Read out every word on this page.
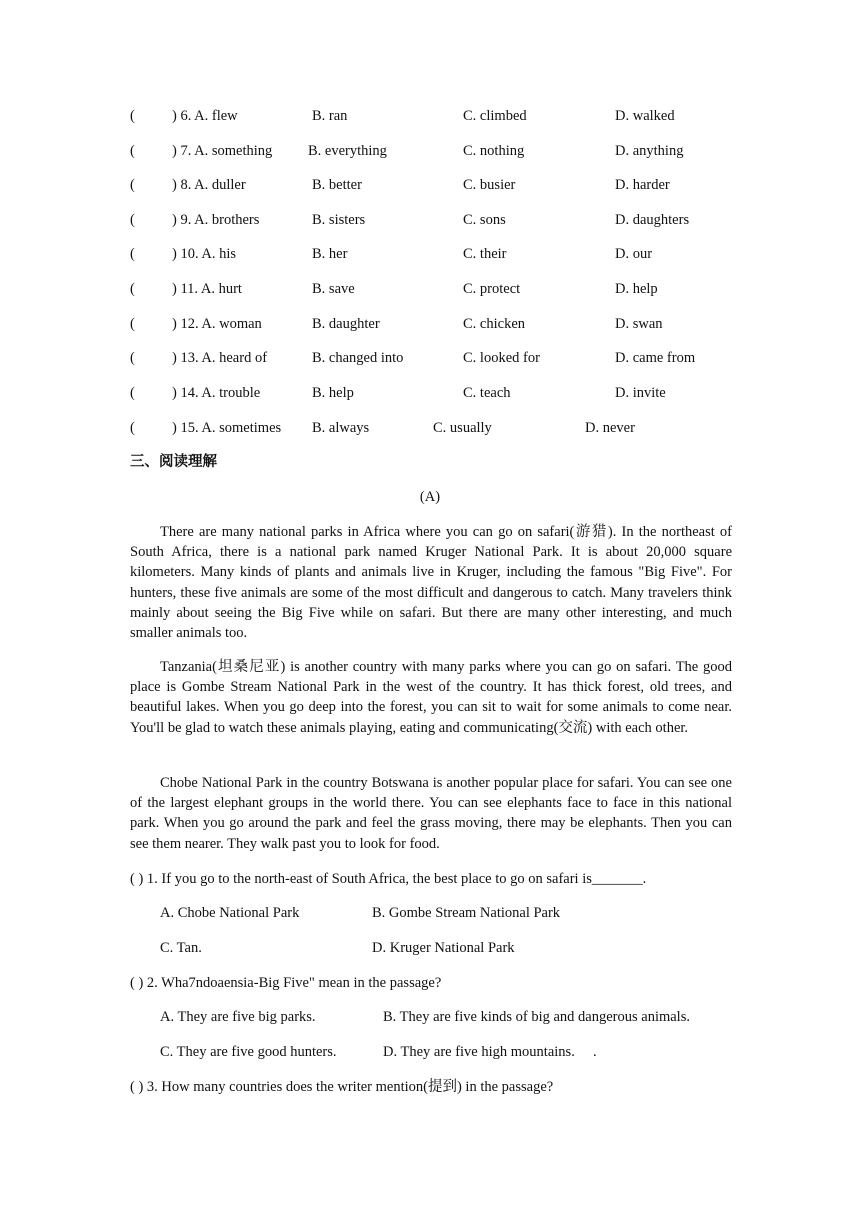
(	) 6. A. flew	B. ran	C. climbed	D. walked
(	) 7. A. something B. everything	C. nothing	D. anything
(	) 8. A. duller	B. better	C. busier	D. harder
(	) 9. A. brothers	B. sisters	C. sons	D. daughters
(	) 10. A. his	B. her	C. their	D. our
(	) 11. A. hurt	B. save	C. protect	D. help
(	) 12. A. woman	B. daughter	C. chicken	D. swan
(	) 13. A. heard of	B. changed into	C. looked for	D. came from
(	) 14. A. trouble	B. help	C. teach	D. invite
(	) 15. A. sometimes B. always	C. usually	D. never
三、阅读理解
(A)
There are many national parks in Africa where you can go on safari(游猎). In the northeast of South Africa, there is a national park named Kruger National Park. It is about 20,000 square kilometers. Many kinds of plants and animals live in Kruger, including the famous "Big Five". For hunters, these five animals are some of the most difficult and dangerous to catch. Many travelers think mainly about seeing the Big Five while on safari. But there are many other interesting, and much smaller animals too.
Tanzania(坦桑尼亚) is another country with many parks where you can go on safari. The good place is Gombe Stream National Park in the west of the country. It has thick forest, old trees, and beautiful lakes. When you go deep into the forest, you can sit to wait for some animals to come near. You'll be glad to watch these animals playing, eating and communicating(交流) with each other.
Chobe National Park in the country Botswana is another popular place for safari. You can see one of the largest elephant groups in the world there. You can see elephants face to face in this national park. When you go around the park and feel the grass moving, there may be elephants. Then you can see them nearer. They walk past you to look for food.
( ) 1. If you go to the north-east of South Africa, the best place to go on safari is_______.
A. Chobe National Park	B. Gombe Stream National Park
C. Tan.	D. Kruger National Park
( ) 2. Wha7ndoaensia-Big Five" mean in the passage?
A. They are five big parks.	B. They are five kinds of big and dangerous animals.
C. They are five good hunters.	D. They are five high mountains.     .
( ) 3. How many countries does the writer mention(提到) in the passage?
